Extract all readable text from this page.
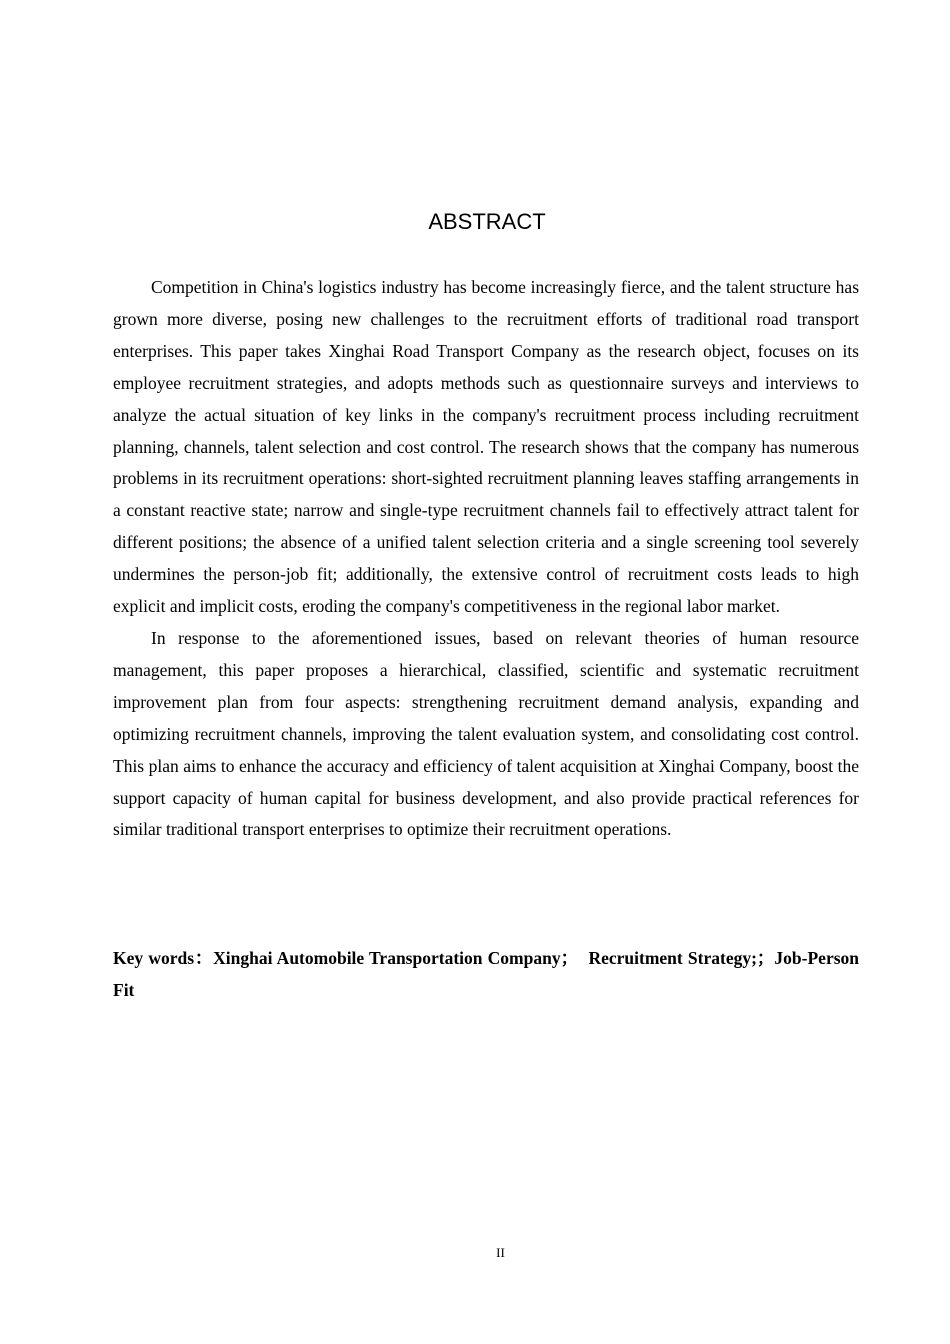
ABSTRACT

Competition in China's logistics industry has become increasingly fierce, and the talent structure has grown more diverse, posing new challenges to the recruitment efforts of traditional road transport enterprises. This paper takes Xinghai Road Transport Company as the research object, focuses on its employee recruitment strategies, and adopts methods such as questionnaire surveys and interviews to analyze the actual situation of key links in the company's recruitment process including recruitment planning, channels, talent selection and cost control. The research shows that the company has numerous problems in its recruitment operations: short-sighted recruitment planning leaves staffing arrangements in a constant reactive state; narrow and single-type recruitment channels fail to effectively attract talent for different positions; the absence of a unified talent selection criteria and a single screening tool severely undermines the person-job fit; additionally, the extensive control of recruitment costs leads to high explicit and implicit costs, eroding the company's competitiveness in the regional labor market.

In response to the aforementioned issues, based on relevant theories of human resource management, this paper proposes a hierarchical, classified, scientific and systematic recruitment improvement plan from four aspects: strengthening recruitment demand analysis, expanding and optimizing recruitment channels, improving the talent evaluation system, and consolidating cost control. This plan aims to enhance the accuracy and efficiency of talent acquisition at Xinghai Company, boost the support capacity of human capital for business development, and also provide practical references for similar traditional transport enterprises to optimize their recruitment operations.

Key words：Xinghai Automobile Transportation Company；  Recruitment Strategy;；Job-Person Fit

II
